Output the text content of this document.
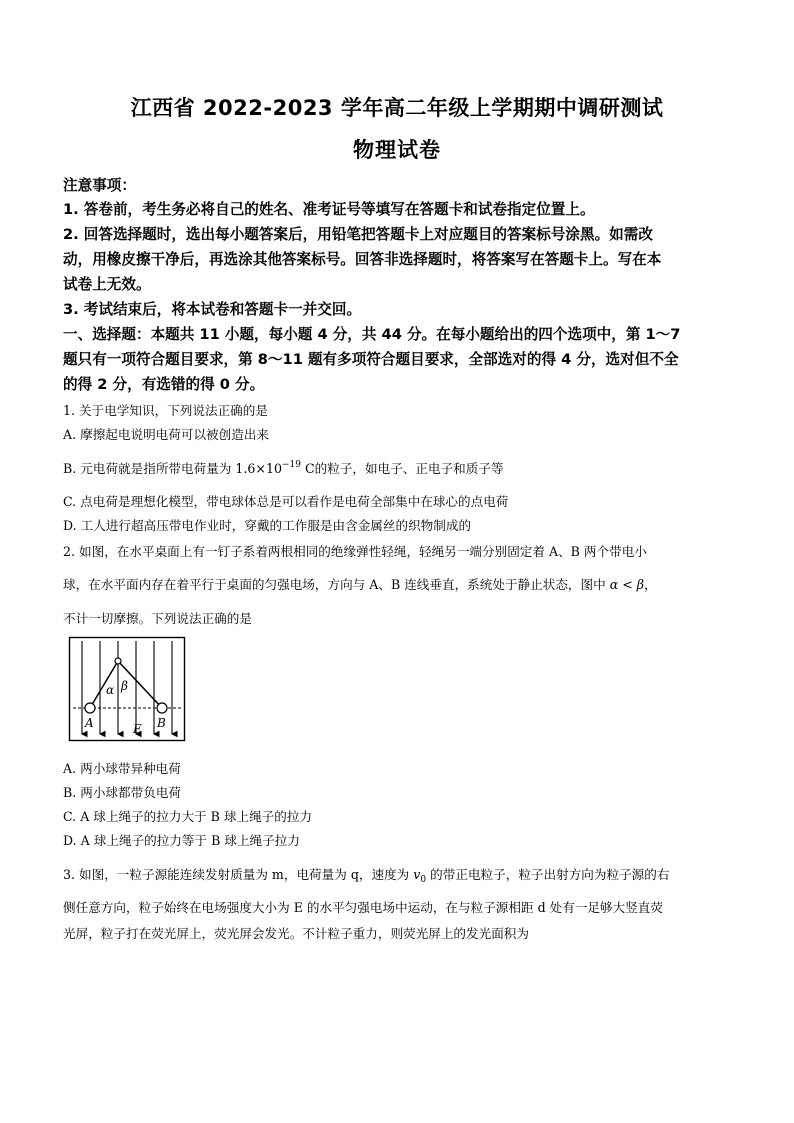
江西省 2022-2023 学年高二年级上学期期中调研测试
物理试卷
注意事项：
1. 答卷前，考生务必将自己的姓名、准考证号等填写在答题卡和试卷指定位置上。
2. 回答选择题时，选出每小题答案后，用铅笔把答题卡上对应题目的答案标号涂黑。如需改
动，用橡皮擦干净后，再选涂其他答案标号。回答非选择题时，将答案写在答题卡上。写在本
试卷上无效。
3. 考试结束后，将本试卷和答题卡一并交回。
一、选择题：本题共 11 小题，每小题 4 分，共 44 分。在每小题给出的四个选项中，第 1～7
题只有一项符合题目要求，第 8～11 题有多项符合题目要求，全部选对的得 4 分，选对但不全
的得 2 分，有选错的得 0 分。
1. 关于电学知识，下列说法正确的是
A. 摩擦起电说明电荷可以被创造出来
B. 元电荷就是指所带电荷量为 $1.6\times 10^{-19}$ C的粒子，如电子、正电子和质子等
C. 点电荷是理想化模型，带电球体总是可以看作是电荷全部集中在球心的点电荷
D. 工人进行超高压带电作业时，穿戴的工作服是由含金属丝的织物制成的
2. 如图，在水平桌面上有一钉子系着两根相同的绝缘弹性轻绳，轻绳另一端分别固定着 A、B 两个带电小
球，在水平面内存在着平行于桌面的匀强电场，方向与 A、B 连线垂直，系统处于静止状态，图中 α < β，
不计一切摩擦。下列说法正确的是
α β
A	B
E
A. 两小球带异种电荷
B. 两小球都带负电荷
C. A 球上绳子的拉力大于 B 球上绳子的拉力
D. A 球上绳子的拉力等于 B 球上绳子拉力
3. 如图，一粒子源能连续发射质量为 m，电荷量为 q，速度为 $v_0$ 的带正电粒子，粒子出射方向为粒子源的右
侧任意方向，粒子始终在电场强度大小为 E 的水平匀强电场中运动，在与粒子源相距 d 处有一足够大竖直荧
光屏，粒子打在荧光屏上，荧光屏会发光。不计粒子重力，则荧光屏上的发光面积为
